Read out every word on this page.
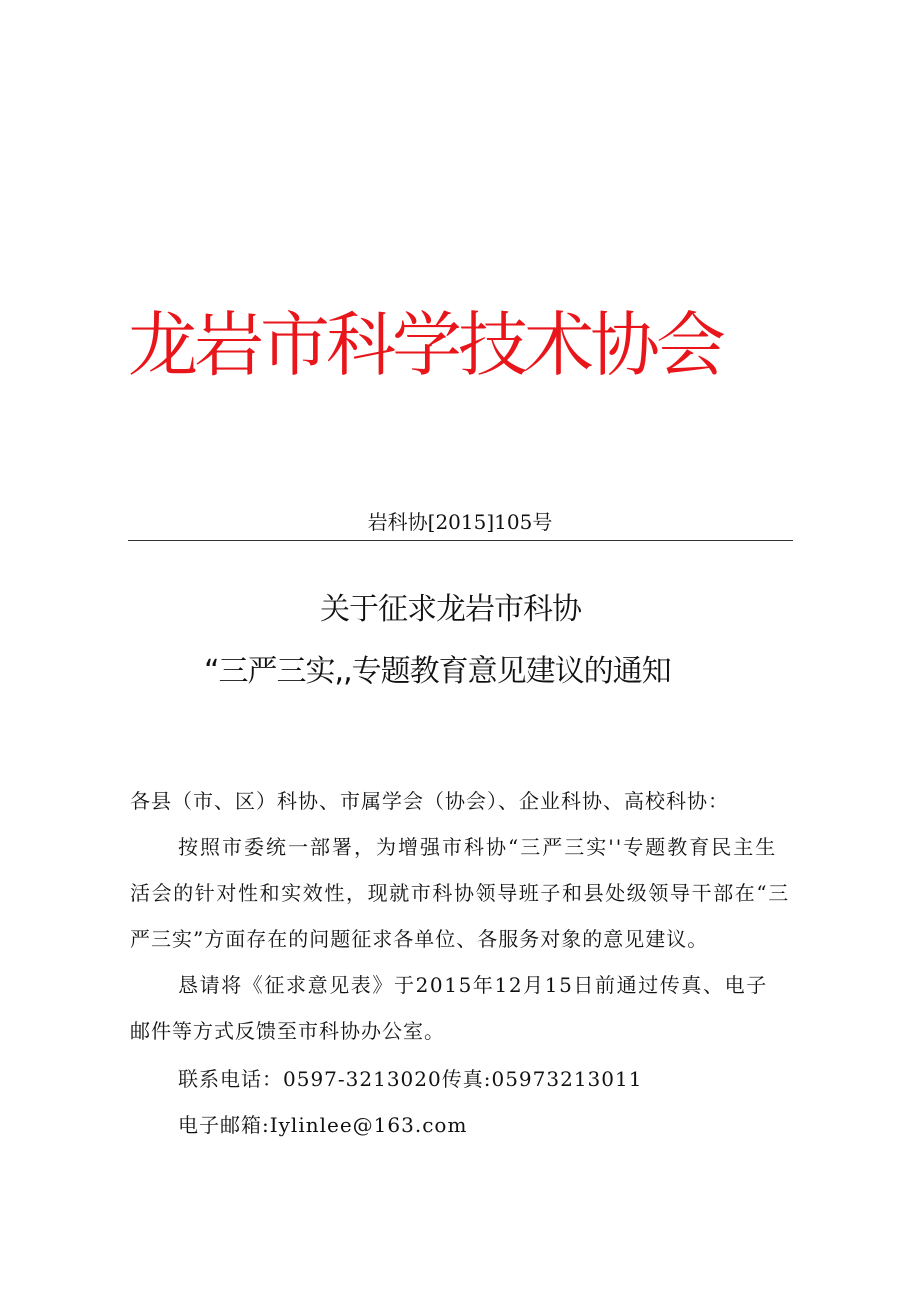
龙岩市科学技术协会
岩科协[2015]105号
关于征求龙岩市科协
“三严三实,,专题教育意见建议的通知
各县（市、区）科协、市属学会（协会）、企业科协、高校科协：
按照市委统一部署，为增强市科协“三严三实''专题教育民主生
活会的针对性和实效性，现就市科协领导班子和县处级领导干部在“三
严三实”方面存在的问题征求各单位、各服务对象的意见建议。
恳请将《征求意见表》于2015年12月15日前通过传真、电子
邮件等方式反馈至市科协办公室。
联系电话：0597-3213020传真:05973213011
电子邮箱:Iylinlee@163.com
